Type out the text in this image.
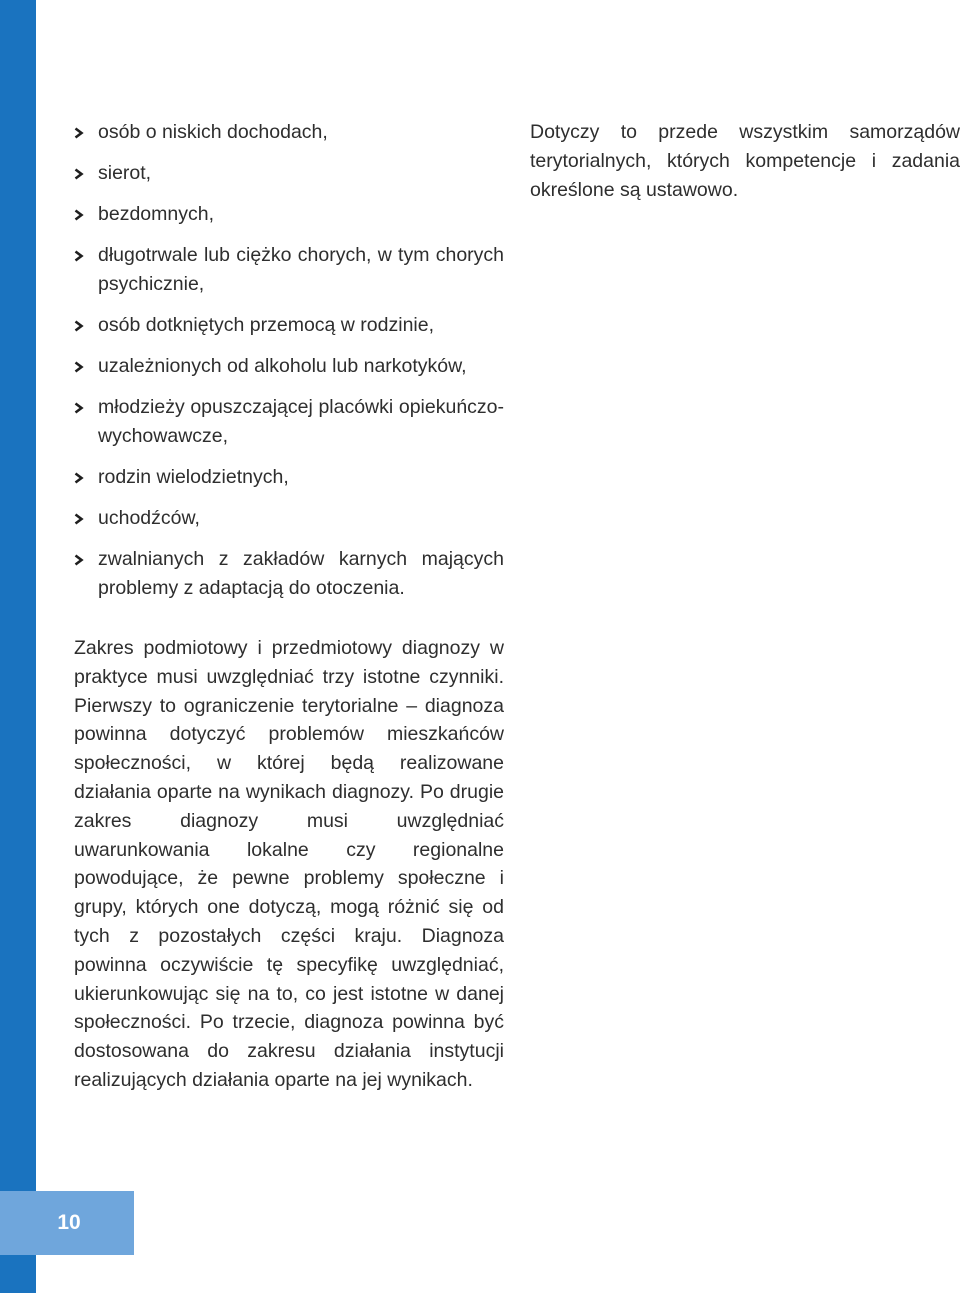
10
osób o niskich dochodach,
sierot,
bezdomnych,
długotrwale lub ciężko chorych, w tym chorych psychicznie,
osób dotkniętych przemocą w rodzinie,
uzależnionych od alkoholu lub narkotyków,
młodzieży opuszczającej placówki opiekuńczo-wychowawcze,
rodzin wielodzietnych,
uchodźców,
zwalnianych z zakładów karnych mających problemy z adaptacją do otoczenia.

Zakres podmiotowy i przedmiotowy diagnozy w praktyce musi uwzględniać trzy istotne czynniki. Pierwszy to ograniczenie terytorialne – diagnoza powinna dotyczyć problemów mieszkańców społeczności, w której będą realizowane działania oparte na wynikach diagnozy. Po drugie zakres diagnozy musi uwzględniać uwarunkowania lokalne czy regionalne powodujące, że pewne problemy społeczne i grupy, których one dotyczą, mogą różnić się od tych z pozostałych części kraju. Diagnoza powinna oczywiście tę specyfikę uwzględniać, ukierunkowując się na to, co jest istotne w danej społeczności. Po trzecie, diagnoza powinna być dostosowana do zakresu działania instytucji realizujących działania oparte na jej wynikach.

Dotyczy to przede wszystkim samorządów terytorialnych, których kompetencje i zadania określone są ustawowo.
